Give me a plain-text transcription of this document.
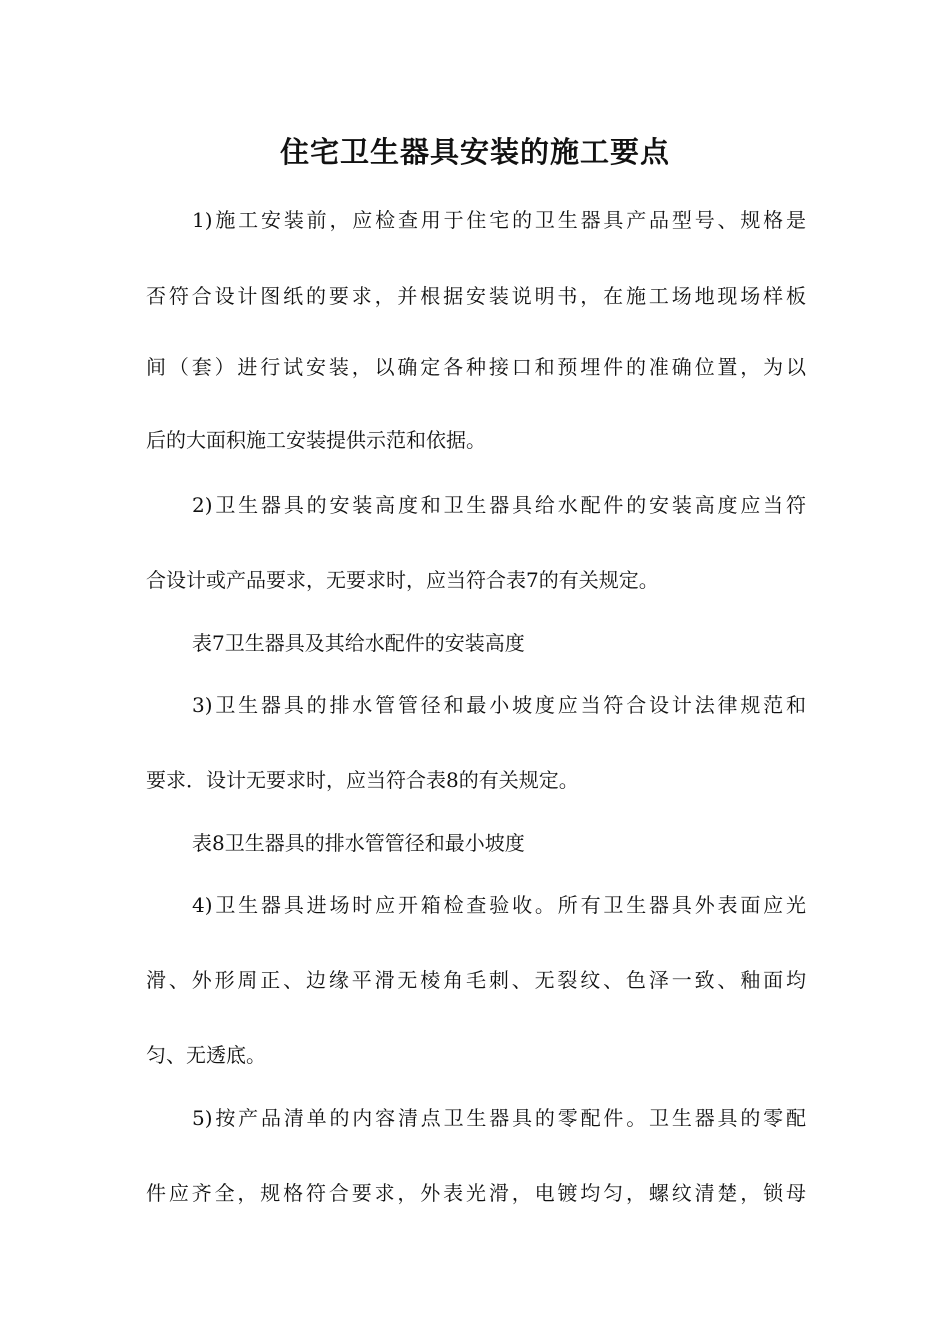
住宅卫生器具安装的施工要点
1)施工安装前，应检查用于住宅的卫生器具产品型号、规格是
否符合设计图纸的要求，并根据安装说明书，在施工场地现场样板
间（套）进行试安装，以确定各种接口和预埋件的准确位置，为以
后的大面积施工安装提供示范和依据。
2)卫生器具的安装高度和卫生器具给水配件的安装高度应当符
合设计或产品要求，无要求时，应当符合表7的有关规定。
表7卫生器具及其给水配件的安装高度
3)卫生器具的排水管管径和最小坡度应当符合设计法律规范和
要求．设计无要求时，应当符合表8的有关规定。
表8卫生器具的排水管管径和最小坡度
4)卫生器具进场时应开箱检查验收。所有卫生器具外表面应光
滑、外形周正、边缘平滑无棱角毛刺、无裂纹、色泽一致、釉面均
匀、无透底。
5)按产品清单的内容清点卫生器具的零配件。卫生器具的零配
件应齐全，规格符合要求，外表光滑，电镀均匀，螺纹清楚，锁母
